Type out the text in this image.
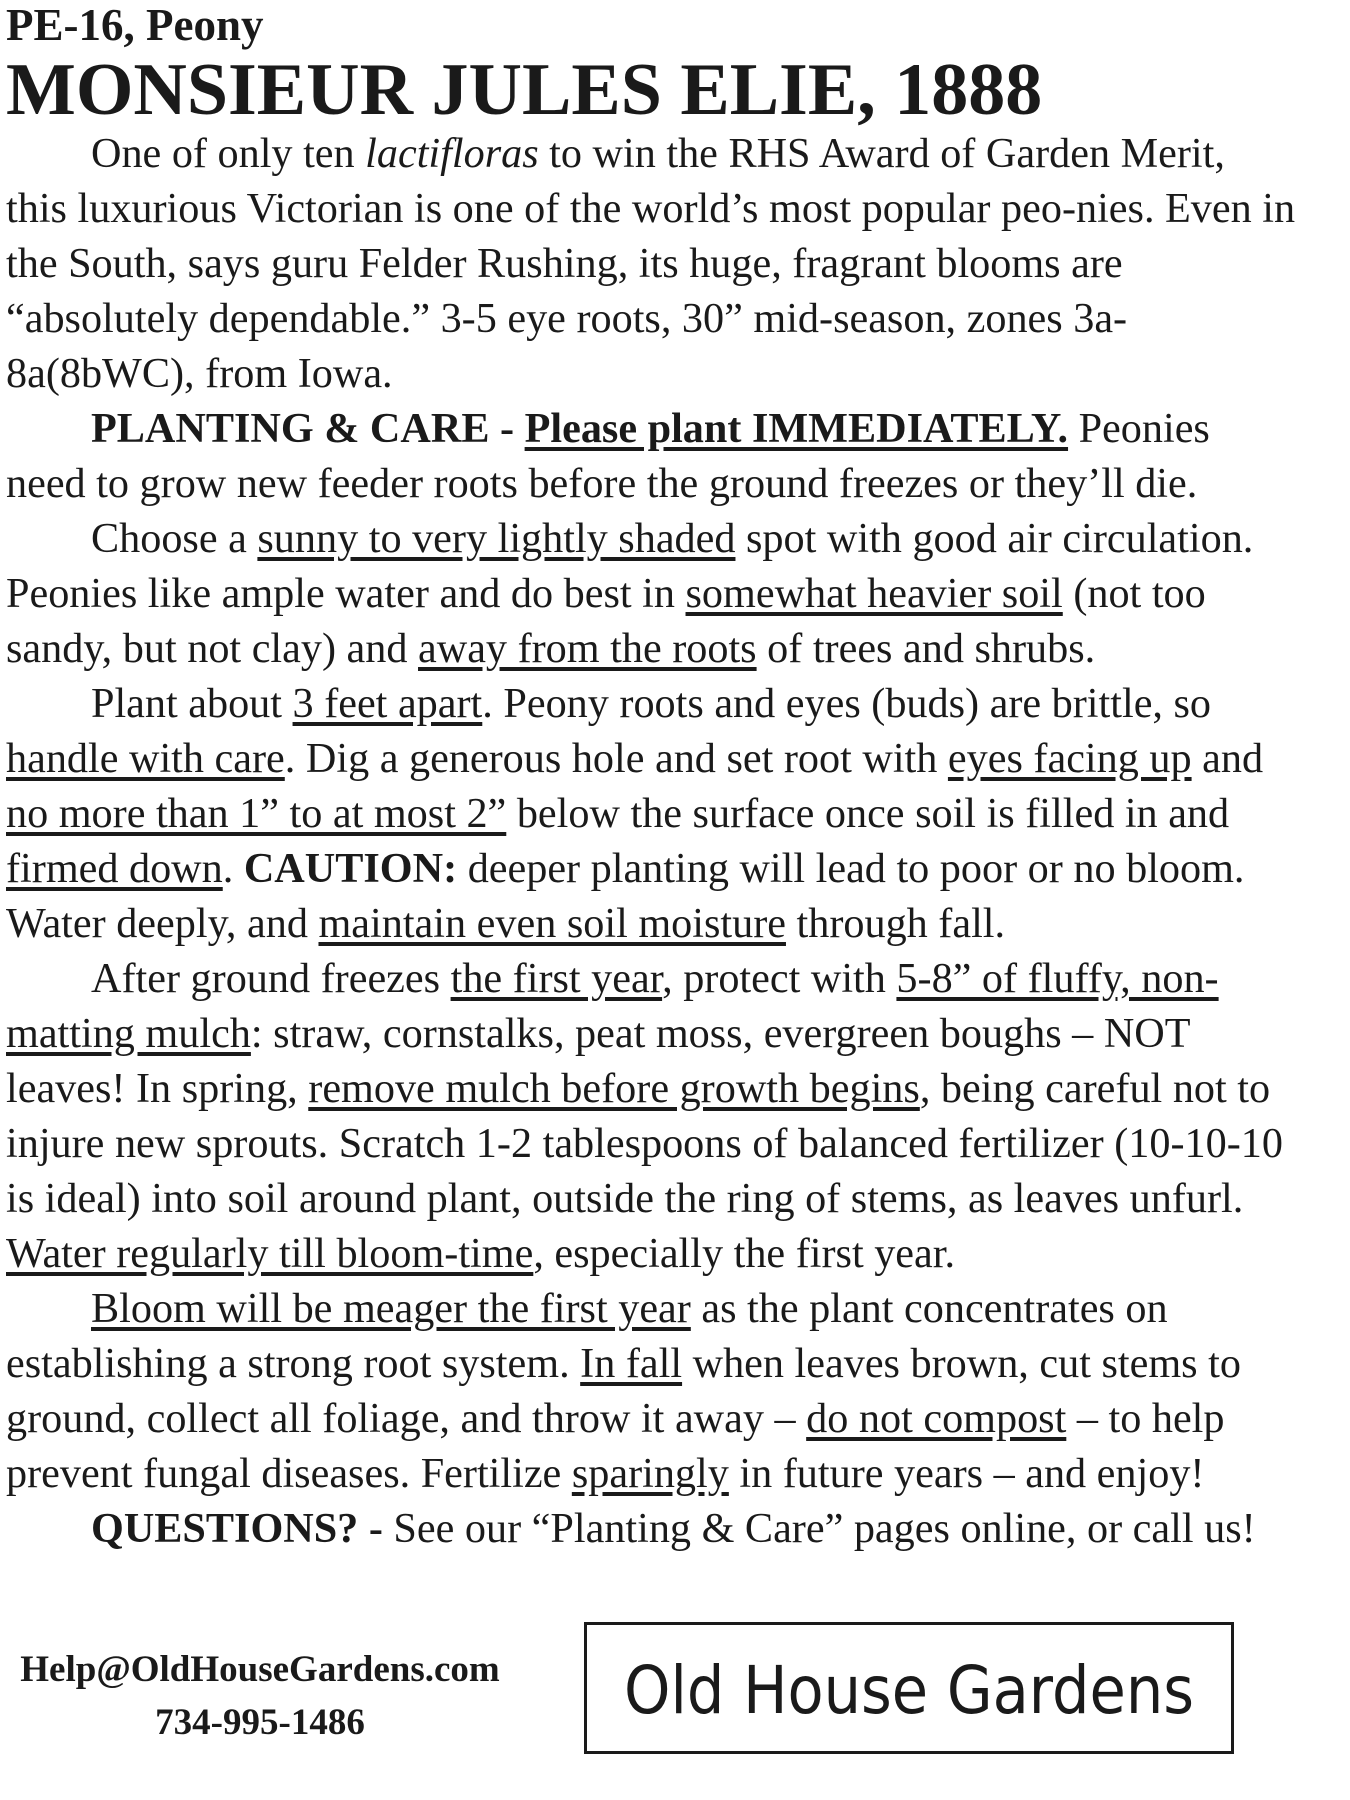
PE-16, Peony

MONSIEUR JULES ELIE, 1888

One of only ten lactifloras to win the RHS Award of Garden Merit, this luxurious Victorian is one of the world’s most popular peo-nies. Even in the South, says guru Felder Rushing, its huge, fragrant blooms are “absolutely dependable.” 3-5 eye roots, 30” mid-season, zones 3a-8a(8bWC), from Iowa.

PLANTING & CARE - Please plant IMMEDIATELY. Peonies need to grow new feeder roots before the ground freezes or they’ll die.

Choose a sunny to very lightly shaded spot with good air circulation. Peonies like ample water and do best in somewhat heavier soil (not too sandy, but not clay) and away from the roots of trees and shrubs.

Plant about 3 feet apart. Peony roots and eyes (buds) are brittle, so handle with care. Dig a generous hole and set root with eyes facing up and no more than 1” to at most 2” below the surface once soil is filled in and firmed down. CAUTION: deeper planting will lead to poor or no bloom. Water deeply, and maintain even soil moisture through fall.

After ground freezes the first year, protect with 5-8” of fluffy, non-matting mulch: straw, cornstalks, peat moss, evergreen boughs – NOT leaves! In spring, remove mulch before growth begins, being careful not to injure new sprouts. Scratch 1-2 tablespoons of balanced fertilizer (10-10-10 is ideal) into soil around plant, outside the ring of stems, as leaves unfurl. Water regularly till bloom-time, especially the first year.

Bloom will be meager the first year as the plant concentrates on establishing a strong root system. In fall when leaves brown, cut stems to ground, collect all foliage, and throw it away – do not compost – to help prevent fungal diseases. Fertilize sparingly in future years – and enjoy!

QUESTIONS? - See our “Planting & Care” pages online, or call us!

Help@OldHouseGardens.com
734-995-1486	Old House Gardens
